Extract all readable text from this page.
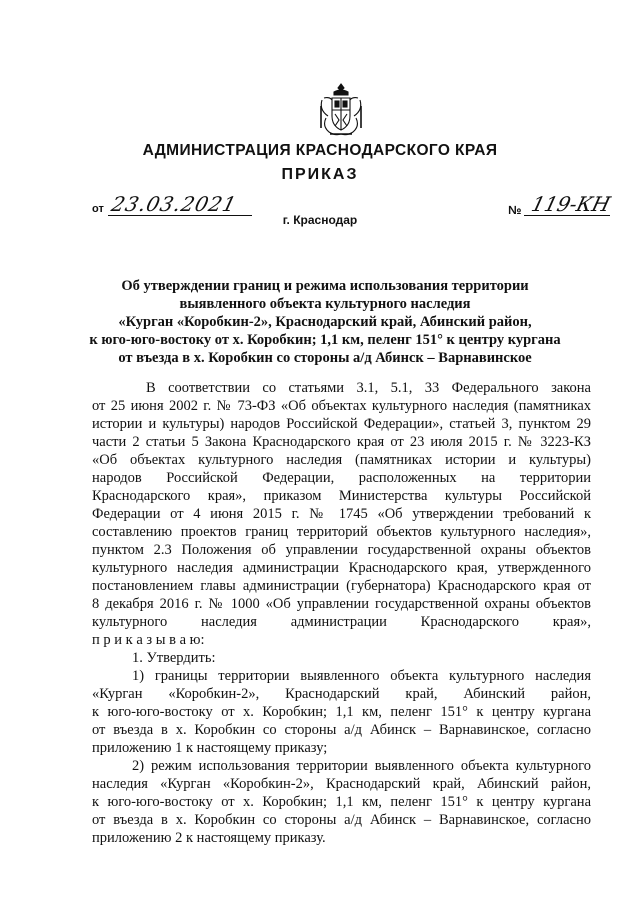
АДМИНИСТРАЦИЯ КРАСНОДАРСКОГО КРАЯ
ПРИКАЗ
от 23.03.2021	№ 119-КН
г. Краснодар
Об утверждении границ и режима использования территории
выявленного объекта культурного наследия
«Курган «Коробкин-2», Краснодарский край, Абинский район,
к юго-юго-востоку от х. Коробкин; 1,1 км, пеленг 151° к центру кургана
от въезда в х. Коробкин со стороны а/д Абинск – Варнавинское
В соответствии со статьями 3.1, 5.1, 33 Федерального закона
от 25 июня 2002 г. № 73-ФЗ «Об объектах культурного наследия (памятниках
истории и культуры) народов Российской Федерации», статьей 3, пунктом 29
части 2 статьи 5 Закона Краснодарского края от 23 июля 2015 г. № 3223-КЗ
«Об объектах культурного наследия (памятниках истории и культуры)
народов Российской Федерации, расположенных на территории
Краснодарского края», приказом Министерства культуры Российской
Федерации от 4 июня 2015 г. № 1745 «Об утверждении требований к
составлению проектов границ территорий объектов культурного наследия»,
пунктом 2.3 Положения об управлении государственной охраны объектов
культурного наследия администрации Краснодарского края, утвержденного
постановлением главы администрации (губернатора) Краснодарского края от
8 декабря 2016 г. № 1000 «Об управлении государственной охраны объектов
культурного наследия администрации Краснодарского края»,
п р и к а з ы в а ю:
1. Утвердить:
1) границы территории выявленного объекта культурного наследия
«Курган «Коробкин-2», Краснодарский край, Абинский район,
к юго-юго-востоку от х. Коробкин; 1,1 км, пеленг 151° к центру кургана
от въезда в х. Коробкин со стороны а/д Абинск – Варнавинское, согласно
приложению 1 к настоящему приказу;
2) режим использования территории выявленного объекта культурного
наследия «Курган «Коробкин-2», Краснодарский край, Абинский район,
к юго-юго-востоку от х. Коробкин; 1,1 км, пеленг 151° к центру кургана
от въезда в х. Коробкин со стороны а/д Абинск – Варнавинское, согласно
приложению 2 к настоящему приказу.
